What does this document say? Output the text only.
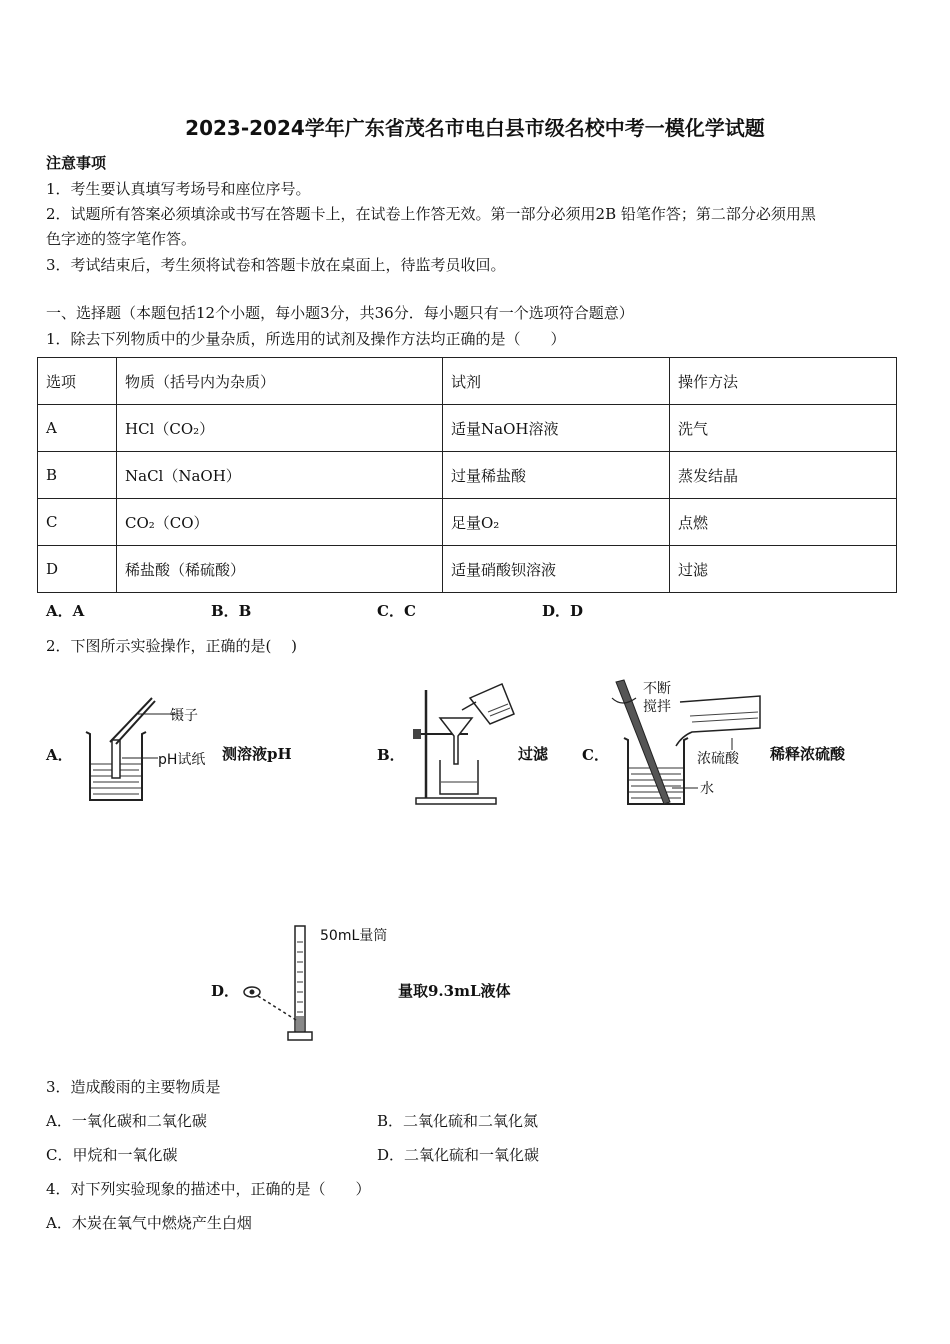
2023-2024学年广东省茂名市电白县市级名校中考一模化学试题
注意事项
1．考生要认真填写考场号和座位序号。
2．试题所有答案必须填涂或书写在答题卡上，在试卷上作答无效。第一部分必须用2B 铅笔作答；第二部分必须用黑
色字迹的签字笔作答。
3．考试结束后，考生须将试卷和答题卡放在桌面上，待监考员收回。
一、选择题（本题包括12个小题，每小题3分，共36分．每小题只有一个选项符合题意）
1．除去下列物质中的少量杂质，所选用的试剂及操作方法均正确的是（　　）
选项	物质（括号内为杂质）	试剂	操作方法
A	HCl（CO₂）	适量NaOH溶液	洗气
B	NaCl（NaOH）	过量稀盐酸	蒸发结晶
C	CO₂（CO）	足量O₂	点燃
D	稀盐酸（稀硫酸）	适量硝酸钡溶液	过滤
A．A	B．B	C．C	D．D
2．下图所示实验操作，正确的是(　 )
A．
镊子
pH试纸 测溶液pH	B．	过滤 C．
不断
搅拌
浓硫酸
水
稀释浓硫酸
D．
50mL量筒
量取9.3mL液体
3．造成酸雨的主要物质是
A．一氧化碳和二氧化碳	B．二氧化硫和二氧化氮
C．甲烷和一氧化碳	D．二氧化硫和一氧化碳
4．对下列实验现象的描述中，正确的是（　　）
A．木炭在氧气中燃烧产生白烟
